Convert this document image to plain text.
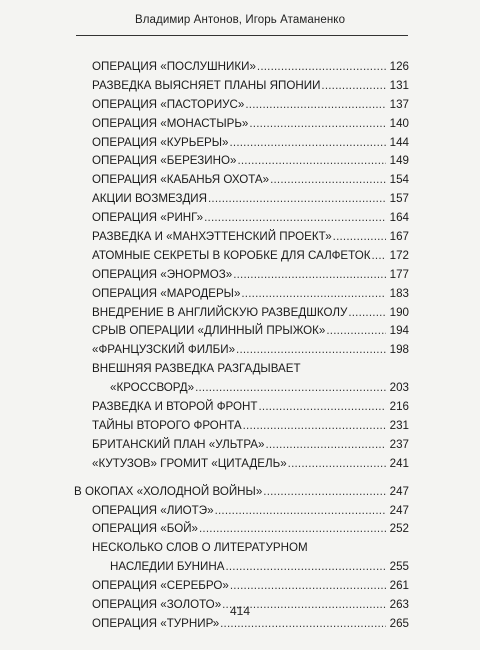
Владимир Антонов, Игорь Атаманенко
ОПЕРАЦИЯ «ПОСЛУШНИКИ» .....	126
РАЗВЕДКА ВЫЯСНЯЕТ ПЛАНЫ ЯПОНИИ .....	131
ОПЕРАЦИЯ «ПАСТОРИУС» .....	137
ОПЕРАЦИЯ «МОНАСТЫРЬ» .....	140
ОПЕРАЦИЯ «КУРЬЕРЫ» .....	144
ОПЕРАЦИЯ «БЕРЕЗИНО» .....	149
ОПЕРАЦИЯ «КАБАНЬЯ ОХОТА» .....	154
АКЦИИ ВОЗМЕЗДИЯ .....	157
ОПЕРАЦИЯ «РИНГ» .....	164
РАЗВЕДКА И «МАНХЭТТЕНСКИЙ ПРОЕКТ» .....	167
АТОМНЫЕ СЕКРЕТЫ В КОРОБКЕ ДЛЯ САЛФЕТОК ..... 172
ОПЕРАЦИЯ «ЭНОРМОЗ» .....	177
ОПЕРАЦИЯ «МАРОДЕРЫ» .....	183
ВНЕДРЕНИЕ В АНГЛИЙСКУЮ РАЗВЕДШКОЛУ .....	190
СРЫВ ОПЕРАЦИИ «ДЛИННЫЙ ПРЫЖОК» .....	194
«ФРАНЦУЗСКИЙ ФИЛБИ» .....	198
ВНЕШНЯЯ РАЗВЕДКА РАЗГАДЫВАЕТ
«КРОССВОРД» .....	203
РАЗВЕДКА И ВТОРОЙ ФРОНТ .....	216
ТАЙНЫ ВТОРОГО ФРОНТА .....	231
БРИТАНСКИЙ ПЛАН «УЛЬТРА» .....	237
«КУТУЗОВ» ГРОМИТ «ЦИТАДЕЛЬ» .....	241
В ОКОПАХ «ХОЛОДНОЙ ВОЙНЫ» .....	247
ОПЕРАЦИЯ «ЛИОТЭ» .....	247
ОПЕРАЦИЯ «БОЙ» .....	252
НЕСКОЛЬКО СЛОВ О ЛИТЕРАТУРНОМ
НАСЛЕДИИ БУНИНА .....	255
ОПЕРАЦИЯ «СЕРЕБРО» .....	261
ОПЕРАЦИЯ «ЗОЛОТО» .....	263
ОПЕРАЦИЯ «ТУРНИР» .....	265
414
